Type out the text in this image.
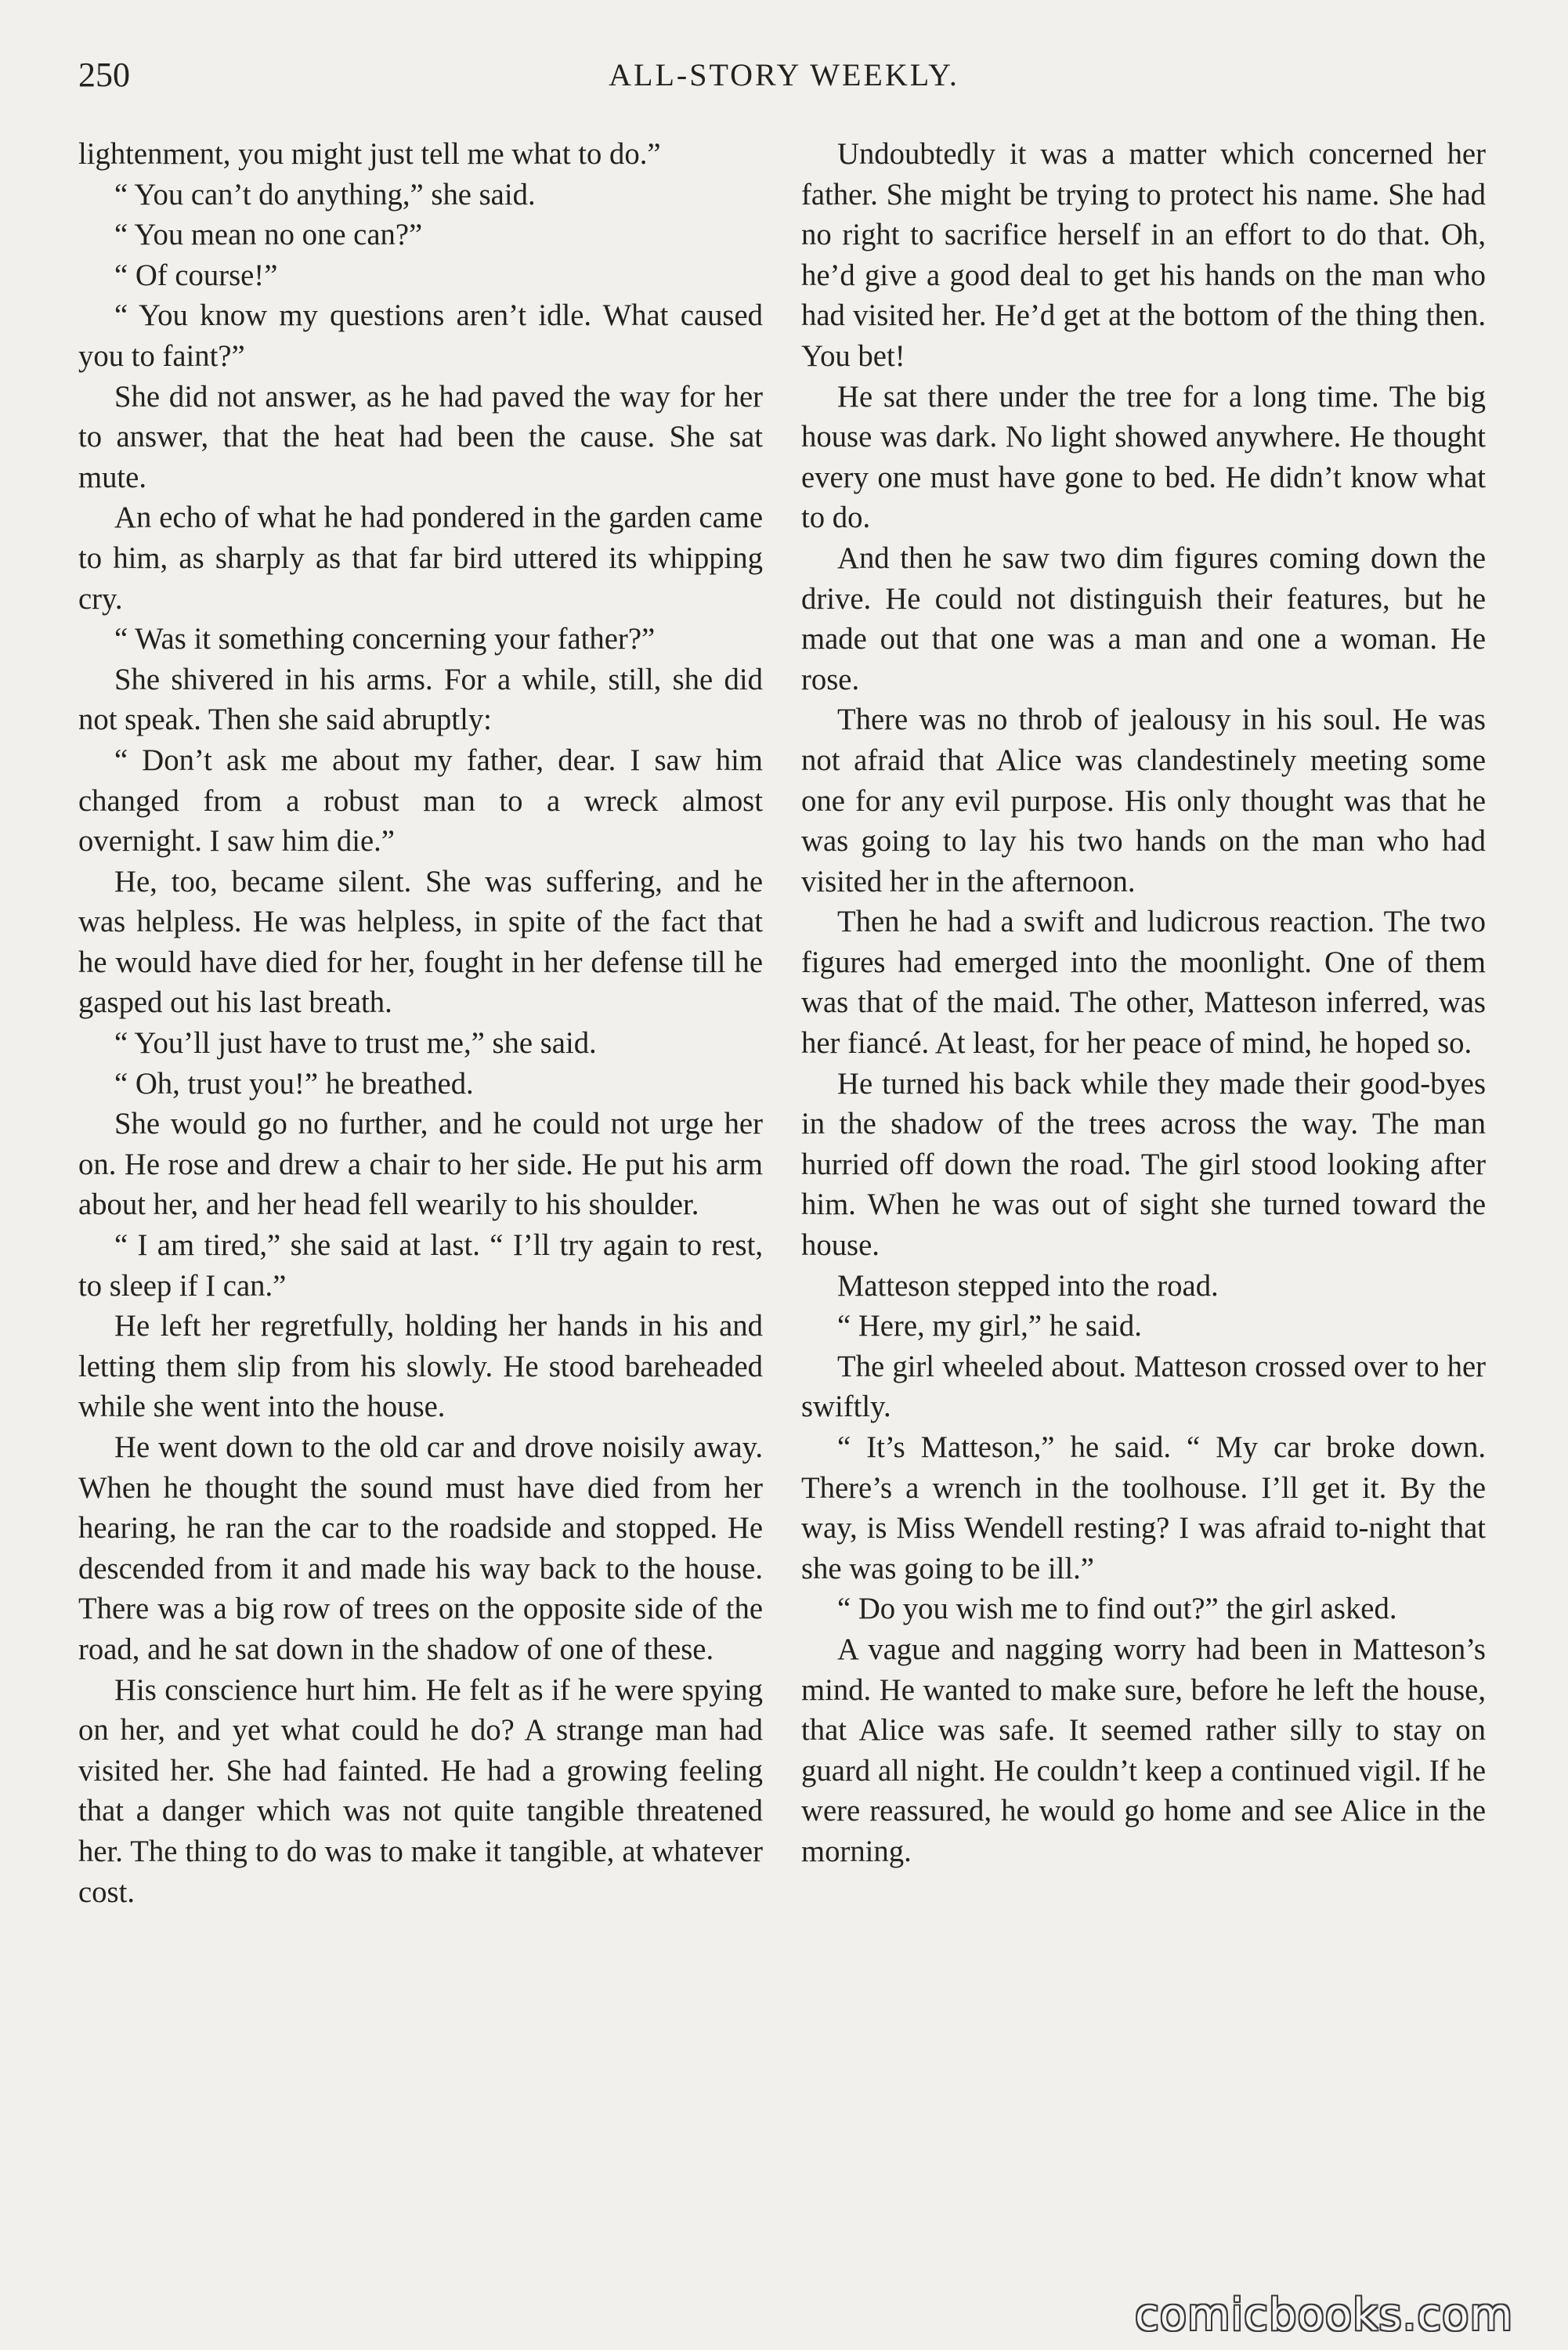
250	ALL-STORY WEEKLY.

lightenment, you might just tell me what to do.”

“ You can’t do anything,” she said.

“ You mean no one can?”

“ Of course!”

“ You know my questions aren’t idle. What caused you to faint?”

She did not answer, as he had paved the way for her to answer, that the heat had been the cause. She sat mute.

An echo of what he had pondered in the garden came to him, as sharply as that far bird uttered its whipping cry.

“ Was it something concerning your father?”

She shivered in his arms. For a while, still, she did not speak. Then she said abruptly:

“ Don’t ask me about my father, dear. I saw him changed from a robust man to a wreck almost overnight. I saw him die.”

He, too, became silent. She was suffering, and he was helpless. He was helpless, in spite of the fact that he would have died for her, fought in her defense till he gasped out his last breath.

“ You’ll just have to trust me,” she said.

“ Oh, trust you!” he breathed.

She would go no further, and he could not urge her on. He rose and drew a chair to her side. He put his arm about her, and her head fell wearily to his shoulder.

“ I am tired,” she said at last. “ I’ll try again to rest, to sleep if I can.”

He left her regretfully, holding her hands in his and letting them slip from his slowly. He stood bareheaded while she went into the house.

He went down to the old car and drove noisily away. When he thought the sound must have died from her hearing, he ran the car to the roadside and stopped. He descended from it and made his way back to the house. There was a big row of trees on the opposite side of the road, and he sat down in the shadow of one of these.

His conscience hurt him. He felt as if he were spying on her, and yet what could he do? A strange man had visited her. She had fainted. He had a growing feeling that a danger which was not quite tangible threatened her. The thing to do was to make it tangible, at whatever cost.

Undoubtedly it was a matter which concerned her father. She might be trying to protect his name. She had no right to sacrifice herself in an effort to do that. Oh, he’d give a good deal to get his hands on the man who had visited her. He’d get at the bottom of the thing then. You bet!

He sat there under the tree for a long time. The big house was dark. No light showed anywhere. He thought every one must have gone to bed. He didn’t know what to do.

And then he saw two dim figures coming down the drive. He could not distinguish their features, but he made out that one was a man and one a woman. He rose.

There was no throb of jealousy in his soul. He was not afraid that Alice was clandestinely meeting some one for any evil purpose. His only thought was that he was going to lay his two hands on the man who had visited her in the afternoon.

Then he had a swift and ludicrous reaction. The two figures had emerged into the moonlight. One of them was that of the maid. The other, Matteson inferred, was her fiancé. At least, for her peace of mind, he hoped so.

He turned his back while they made their good-byes in the shadow of the trees across the way. The man hurried off down the road. The girl stood looking after him. When he was out of sight she turned toward the house.

Matteson stepped into the road.

“ Here, my girl,” he said.

The girl wheeled about. Matteson crossed over to her swiftly.

“ It’s Matteson,” he said. “ My car broke down. There’s a wrench in the toolhouse. I’ll get it. By the way, is Miss Wendell resting? I was afraid to-night that she was going to be ill.”

“ Do you wish me to find out?” the girl asked.

A vague and nagging worry had been in Matteson’s mind. He wanted to make sure, before he left the house, that Alice was safe. It seemed rather silly to stay on guard all night. He couldn’t keep a continued vigil. If he were reassured, he would go home and see Alice in the morning.

comicbooks.com
